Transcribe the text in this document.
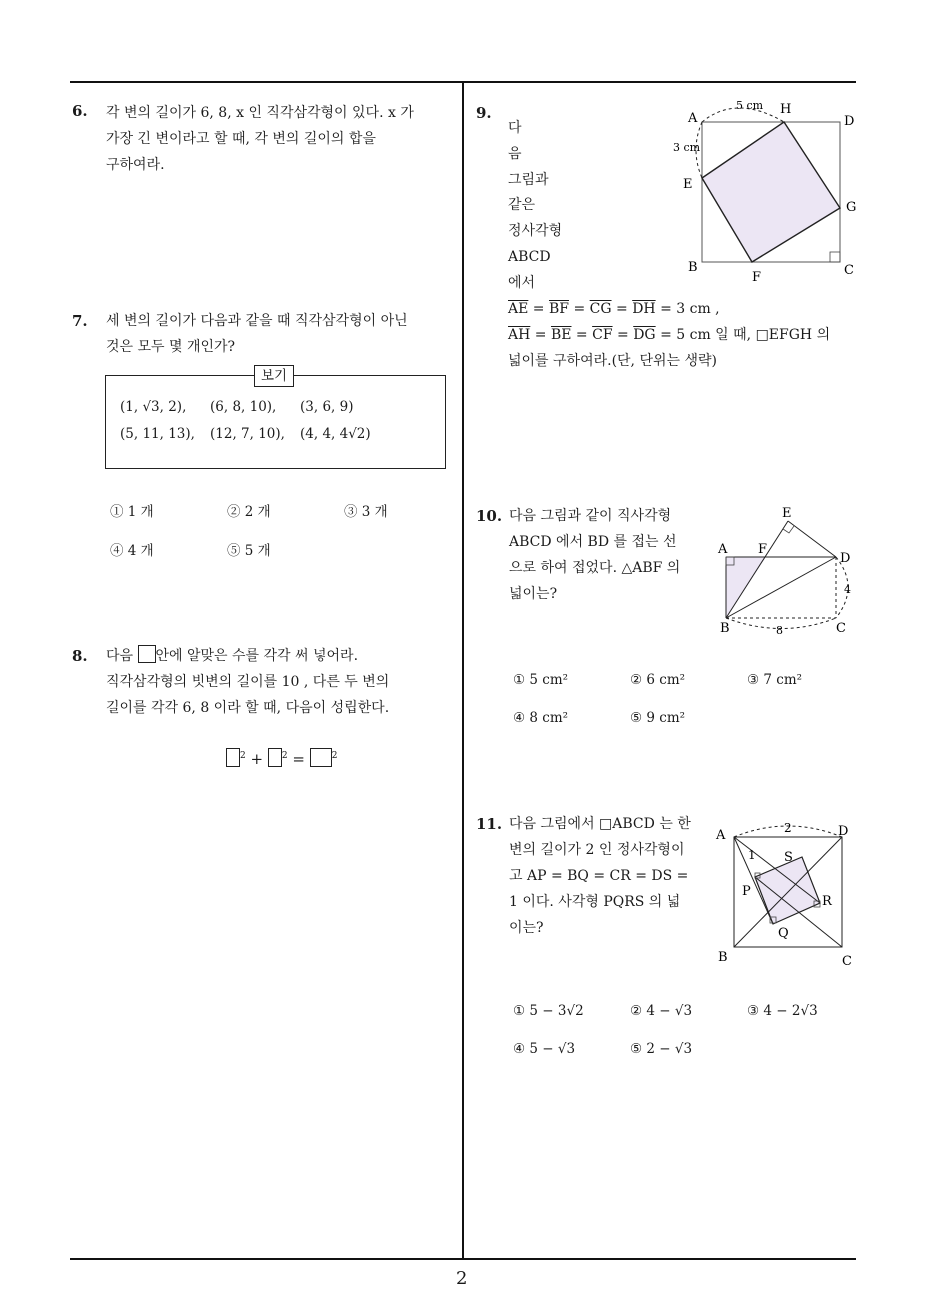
6. 각 변의 길이가 6, 8, x 인 직각삼각형이 있다. x 가
가장 긴 변이라고 할 때, 각 변의 길이의 합을
구하여라.
7. 세 변의 길이가 다음과 같을 때 직각삼각형이 아닌
것은 모두 몇 개인가?
보기
(1, √3, 2), (6, 8, 10), (3, 6, 9)
(5, 11, 13), (12, 7, 10), (4, 4, 4√2)
① 1 개	② 2 개	③ 3 개
④ 4 개	⑤ 5 개
8. 다음 안에 알맞은 수를 각각 써 넣어라.
직각삼각형의 빗변의 길이를 10 , 다른 두 변의
길이를 각각 6, 8 이라 할 때, 다음이 성립한다.
$^2$ + $^2$ =	$^2$
9.
다
음
그림과
같은
정사각형
ABCD
에서
$\overline{AE} = \overline{BF} = \overline{CG} = \overline{DH} = 3$ cm ,
$\overline{AH} = \overline{BE} = \overline{CF} = \overline{DG} = 5$ cm 일 때, □EFGH 의
넓이를 구하여라.(단, 단위는 생략)
A
H
D
E
G
B
F	C
5 cm
3 cm
10. 다음 그림과 같이 직사각형
ABCD 에서 BD 를 접는 선
으로 하여 접었다. △ABF 의
넓이는?
E
A F
D
B	C
4
8
① 5 cm²	② 6 cm²	③ 7 cm²
④ 8 cm²	⑤ 9 cm²
11. 다음 그림에서 □ABCD 는 한
변의 길이가 2 인 정사각형이
고 AP = BQ = CR = DS =
1 이다. 사각형 PQRS 의 넓
이는?
A	D
B	C
P
Q
R
S
2
1
① 5 − 3√2	② 4 − √3	③ 4 − 2√3
④ 5 − √3	⑤ 2 − √3
2
